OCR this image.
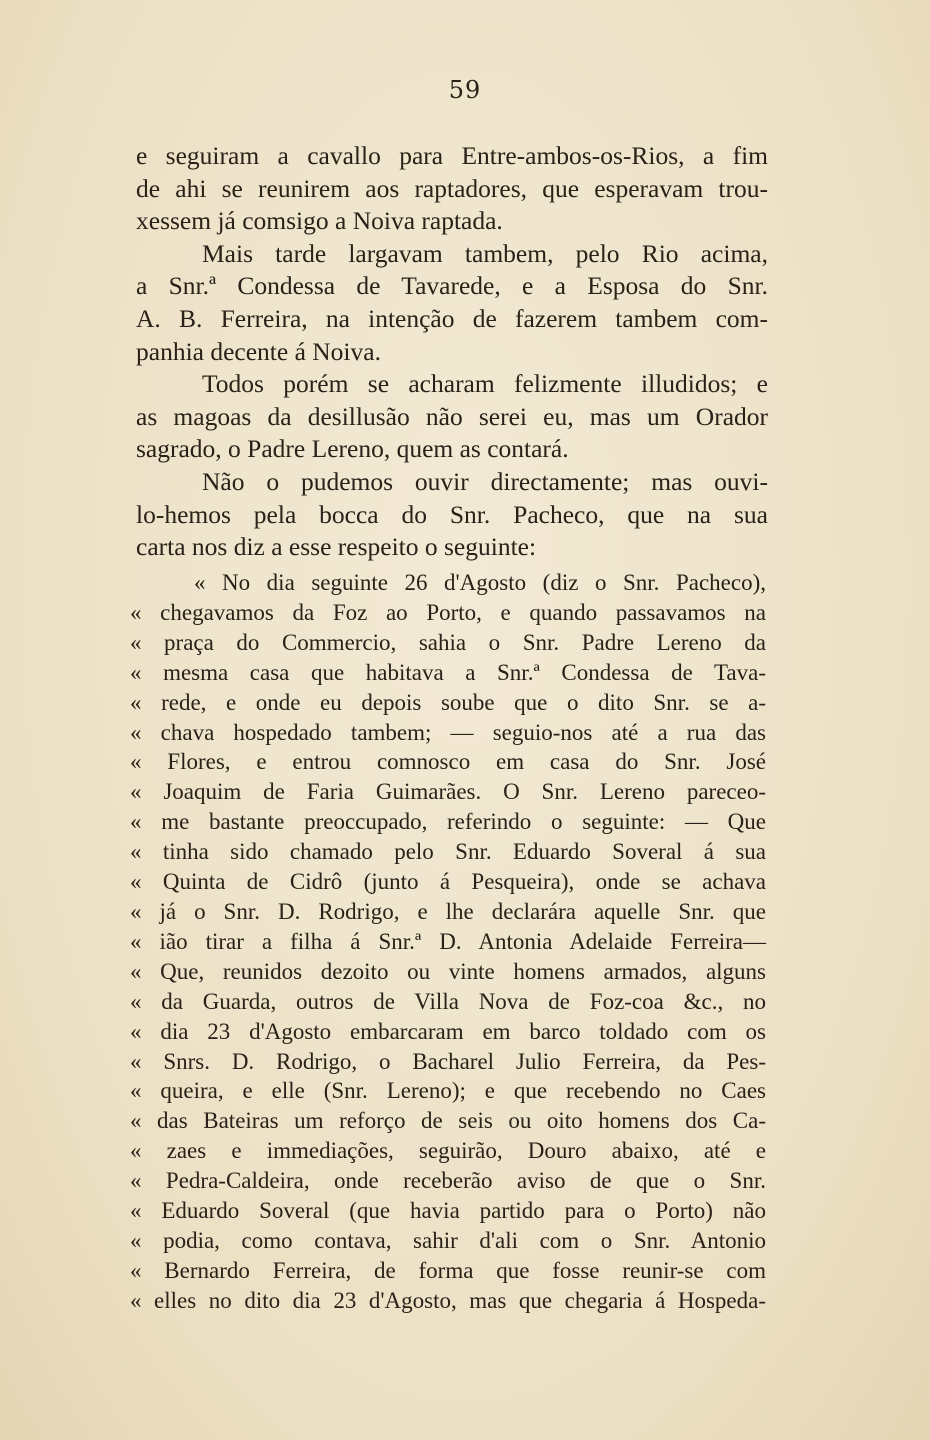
59
e seguiram a cavallo para Entre-ambos-os-Rios, a fim
de ahi se reunirem aos raptadores, que esperavam trou-
xessem já comsigo a Noiva raptada.
Mais tarde largavam tambem, pelo Rio acima,
a Snr.ª Condessa de Tavarede, e a Esposa do Snr.
A. B. Ferreira, na intenção de fazerem tambem com-
panhia decente á Noiva.
Todos porém se acharam felizmente illudidos; e
as magoas da desillusão não serei eu, mas um Orador
sagrado, o Padre Lereno, quem as contará.
Não o pudemos ouvir directamente; mas ouvi-
lo-hemos pela bocca do Snr. Pacheco, que na sua
carta nos diz a esse respeito o seguinte:
« No dia seguinte 26 d'Agosto (diz o Snr. Pacheco),
« chegavamos da Foz ao Porto, e quando passavamos na
« praça do Commercio, sahia o Snr. Padre Lereno da
« mesma casa que habitava a Snr.ª Condessa de Tava-
« rede, e onde eu depois soube que o dito Snr. se a-
« chava hospedado tambem; — seguio-nos até a rua das
« Flores, e entrou comnosco em casa do Snr. José
« Joaquim de Faria Guimarães. O Snr. Lereno pareceo-
« me bastante preoccupado, referindo o seguinte: — Que
« tinha sido chamado pelo Snr. Eduardo Soveral á sua
« Quinta de Cidrô (junto á Pesqueira), onde se achava
« já o Snr. D. Rodrigo, e lhe declarára aquelle Snr. que
« ião tirar a filha á Snr.ª D. Antonia Adelaide Ferreira—
« Que, reunidos dezoito ou vinte homens armados, alguns
« da Guarda, outros de Villa Nova de Foz-coa &c., no
« dia 23 d'Agosto embarcaram em barco toldado com os
« Snrs. D. Rodrigo, o Bacharel Julio Ferreira, da Pes-
« queira, e elle (Snr. Lereno); e que recebendo no Caes
« das Bateiras um reforço de seis ou oito homens dos Ca-
« zaes e immediações, seguirão, Douro abaixo, até e
« Pedra-Caldeira, onde receberão aviso de que o Snr.
« Eduardo Soveral (que havia partido para o Porto) não
« podia, como contava, sahir d'ali com o Snr. Antonio
« Bernardo Ferreira, de forma que fosse reunir-se com
« elles no dito dia 23 d'Agosto, mas que chegaria á Hospeda-
